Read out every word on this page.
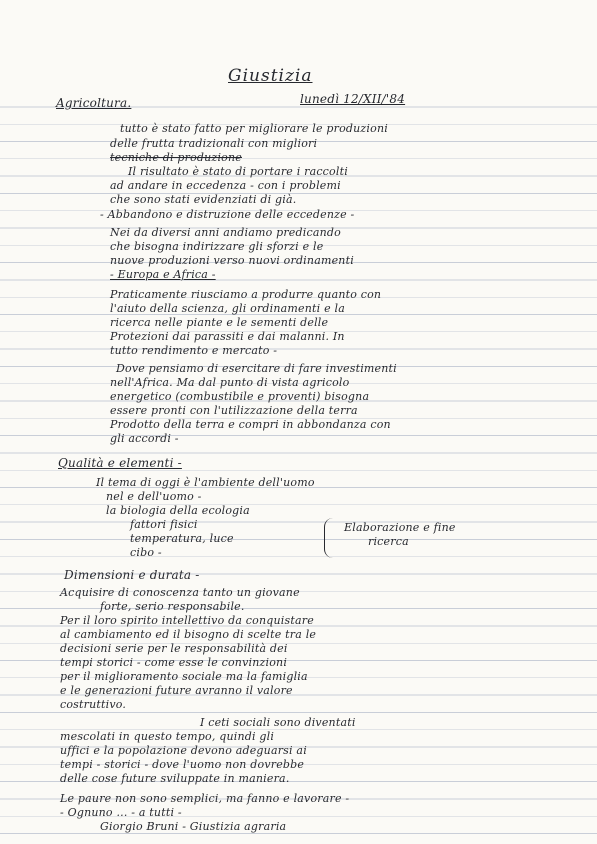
Giustizia

Agricoltura.	lunedì 12/XII/'84

tutto è stato fatto per migliorare le produzioni

delle frutta tradizionali con migliori

tecniche di produzione

Il risultato è stato di portare i raccolti

ad andare in eccedenza - con i problemi

che sono stati evidenziati di già.

- Abbandono e distruzione delle eccedenze -

Nei da diversi anni andiamo predicando

che bisogna indirizzare gli sforzi e le

nuove produzioni verso nuovi ordinamenti

- Europa e Africa -

Praticamente riusciamo a produrre quanto con

l'aiuto della scienza, gli ordinamenti e la

ricerca nelle piante e le sementi delle

Protezioni dai parassiti e dai malanni. In

tutto rendimento e mercato -

Dove pensiamo di esercitare di fare investimenti

nell'Africa. Ma dal punto di vista agricolo

energetico (combustibile e proventi) bisogna

essere pronti con l'utilizzazione della terra

Prodotto della terra e compri in abbondanza con

gli accordi -

Qualità e elementi -

Il tema di oggi è l'ambiente dell'uomo

nel e dell'uomo -

la biologia della ecologia

fattori fisici

temperatura, luce

cibo -

Elaborazione e fine

ricerca

Dimensioni e durata -

Acquisire di conoscenza tanto un giovane

forte, serio responsabile.

Per il loro spirito intellettivo da conquistare

al cambiamento ed il bisogno di scelte tra le

decisioni serie per le responsabilità dei

tempi storici - come esse le convinzioni

per il miglioramento sociale ma la famiglia

e le generazioni future avranno il valore

costruttivo.

I ceti sociali sono diventati

mescolati in questo tempo, quindi gli

uffici e la popolazione devono adeguarsi ai

tempi - storici - dove l'uomo non dovrebbe

delle cose future sviluppate in maniera.

Le paure non sono semplici, ma fanno e lavorare -

- Ognuno ... - a tutti -

Giorgio Bruni - Giustizia agraria
